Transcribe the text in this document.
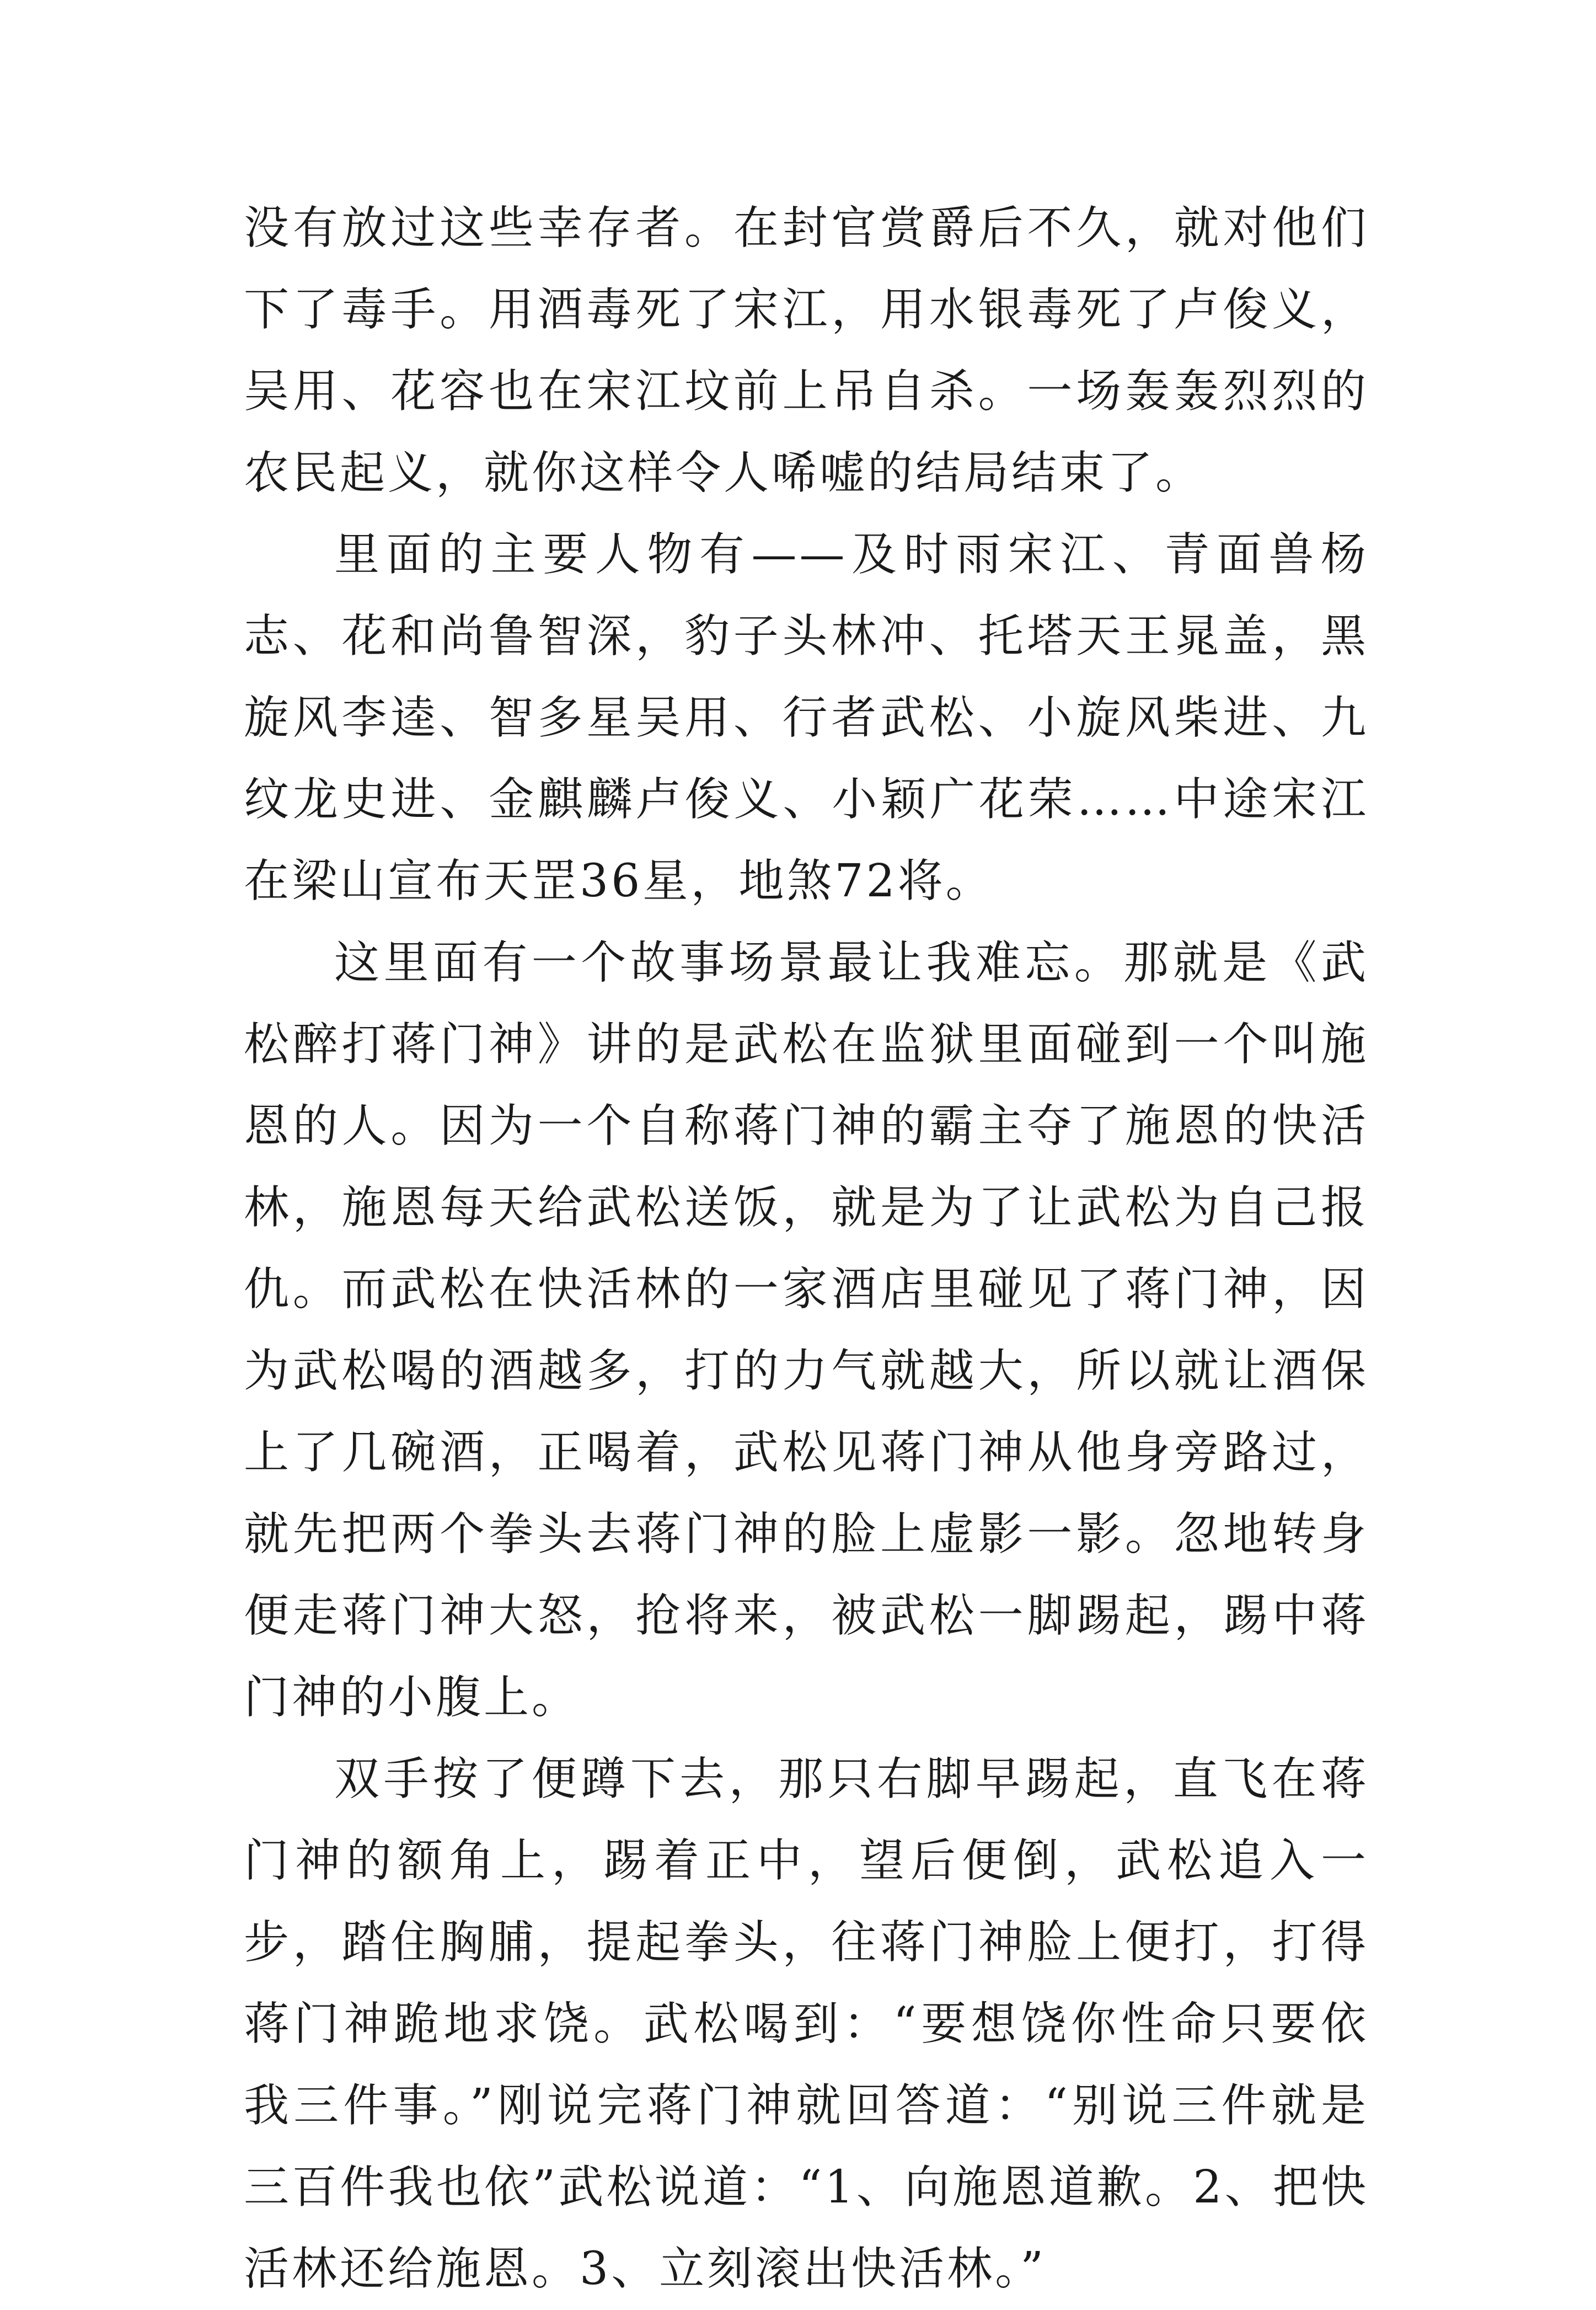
没有放过这些幸存者。在封官赏爵后不久，就对他们下了毒手。用酒毒死了宋江，用水银毒死了卢俊义，吴用、花容也在宋江坟前上吊自杀。一场轰轰烈烈的农民起义，就你这样令人唏嘘的结局结束了。

里面的主要人物有——及时雨宋江、青面兽杨志、花和尚鲁智深，豹子头林冲、托塔天王晁盖，黑旋风李逵、智多星吴用、行者武松、小旋风柴进、九纹龙史进、金麒麟卢俊义、小颖广花荣……中途宋江在梁山宣布天罡36星，地煞72将。

这里面有一个故事场景最让我难忘。那就是《武松醉打蒋门神》讲的是武松在监狱里面碰到一个叫施恩的人。因为一个自称蒋门神的霸主夺了施恩的快活林，施恩每天给武松送饭，就是为了让武松为自己报仇。而武松在快活林的一家酒店里碰见了蒋门神，因为武松喝的酒越多，打的力气就越大，所以就让酒保上了几碗酒，正喝着，武松见蒋门神从他身旁路过，就先把两个拳头去蒋门神的脸上虚影一影。忽地转身便走蒋门神大怒，抢将来，被武松一脚踢起，踢中蒋门神的小腹上。

双手按了便蹲下去，那只右脚早踢起，直飞在蒋门神的额角上，踢着正中，望后便倒，武松追入一步，踏住胸脯，提起拳头，往蒋门神脸上便打，打得蒋门神跪地求饶。武松喝到：“要想饶你性命只要依我三件事。”刚说完蒋门神就回答道：“别说三件就是三百件我也依”武松说道：“1、向施恩道歉。2、把快活林还给施恩。3、立刻滚出快活林。”
